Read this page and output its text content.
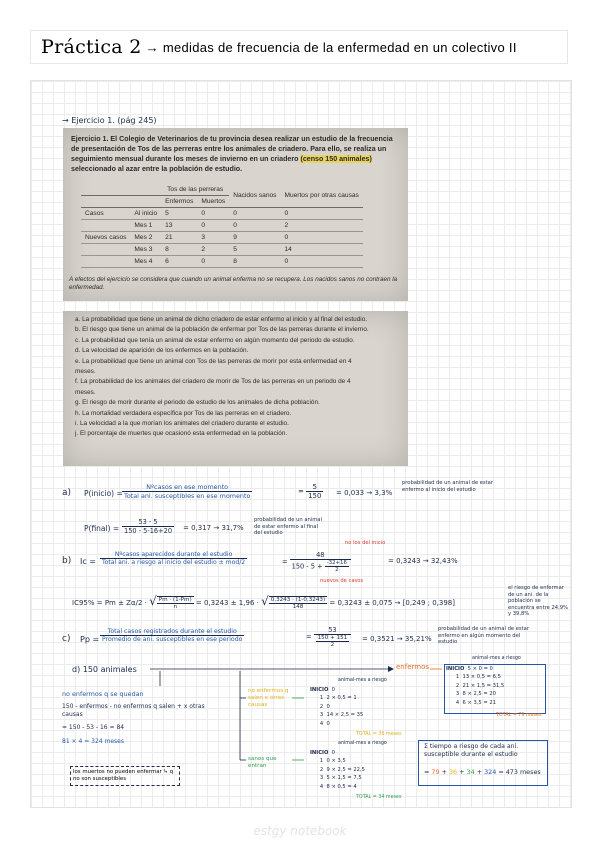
Práctica 2 → medidas de frecuencia de la enfermedad en un colectivo II
→ Ejercicio 1. (pág 245)
Ejercicio 1. El Colegio de Veterinarios de tu provincia desea realizar un estudio de la frecuencia de presentación de Tos de las perreras entre los animales de criadero. Para ello, se realiza un seguimiento mensual durante los meses de invierno en un criadero (censo 150 animales) seleccionado al azar entre la población de estudio.
		Tos de las perreras		Nacidos sanos	Muertos por otras causas
		Enfermos	Muertos		
Casos	Al inicio	5	0	0	0
	Mes 1	13	0	0	2
Nuevos casos	Mes 2	21	3	9	0
	Mes 3	8	2	5	14
	Mes 4	6	0	8	0
A efectos del ejercicio se considera que cuando un animal enferma no se recupera. Los nacidos sanos no contraen la enfermedad.
a. La probabilidad que tiene un animal de dicho criadero de estar enfermo al inicio y al final del estudio.
b. El riesgo que tiene un animal de la población de enfermar por Tos de las perreras durante el invierno.
c. La probabilidad que tenía un animal de estar enfermo en algún momento del periodo de estudio.
d. La velocidad de aparición de los enfermos en la población.
e. La probabilidad que tiene un animal con Tos de las perreras de morir por esta enfermedad en 4
meses.
f. La probabilidad de los animales del criadero de morir de Tos de las perreras en un periodo de 4
meses.
g. El riesgo de morir durante el periodo de estudio de los animales de dicha población.
h. La mortalidad verdadera específica por Tos de las perreras en el criadero.
i. La velocidad a la que morían los animales del criadero durante el estudio.
j. El porcentaje de muertes que ocasionó esta enfermedad en la población.
a) P(inicio) = $\frac{\text{Nºcasos en ese momento}}{\text{Total ani. susceptibles en ese momento}}$	= $\frac{5}{150} = 0,033 \to 3,3\%$
probabilidad de un animal de estar enfermo al inicio del estudio
P(final) = $\frac{53 - 5}{150 - 5-16+20} = 0,317 \to 31,7\%$
probabilidad de un animal de estar enfermo al final del estudio
b) $Ic = \frac{\text{Nºcasos aparecidos durante el estudio}}{\text{Total ani. a riesgo al inicio del estudio ± mod/2}}$
no los del inicio
= $\frac{48}{150 - 5 + \frac{-32+16}{2}}$
nuevos de casos
= 0,3243 → 32,43%
IC95% = Pm ± Zα/2 · √ $\frac{Pm \cdot (1-Pm)}{n} = 0,3243 \pm 1,96$ · √ $\frac{0,3243 \cdot (1-0,3243)}{148} = 0,3243 \pm 0,075 \to [0,249$ ; 0,398]
el riesgo de enfermar de un ani. de la población se encuentra entre 24,9% y 39,8%
c) $Pp = \frac{\text{Total casos registrados durante el estudio}}{\text{Promedio de ani. susceptibles en ese periodo}}$	= $\frac{53}{\frac{150 + 151}{2}} = 0,3521 \to 35,21\%$
probabilidad de un animal de estar enfermo en algún momento del estudio
d) 150 animales	enfermos
no enfermos q se quedan
150 - enfermos - no enfermos q salen + x otras causas
= 150 - 53 - 16 = 84
81 × 4 = 324 meses
los muertos no pueden enfermar ↳ q no son susceptibles
no enfermos q salen x otras causas
sanos que entran
animal-mes a riesgo
INICIO 0
1 2 × 0,5 = 1
2 0
3 14 × 2,5 = 35
4 0
TOTAL = 36 meses
animal-mes a riesgo
INICIO 0
1 0 × 3,5
2 9 × 2,5 = 22,5
3 5 × 1,5 = 7,5
4 8 × 0,5 = 4
TOTAL = 34 meses
animal-mes a riesgo
INICIO 5 × 0 = 0
1 13 × 0,5 = 6,5
2 21 × 1,5 = 31,5
3 8 × 2,5 = 20
4 6 × 3,5 = 21
TOTAL = 79 meses
Σ tiempo a riesgo de cada ani. susceptible durante el estudio
= 79 + 36 + 34 + 324 = 473 meses
estgy notebook
